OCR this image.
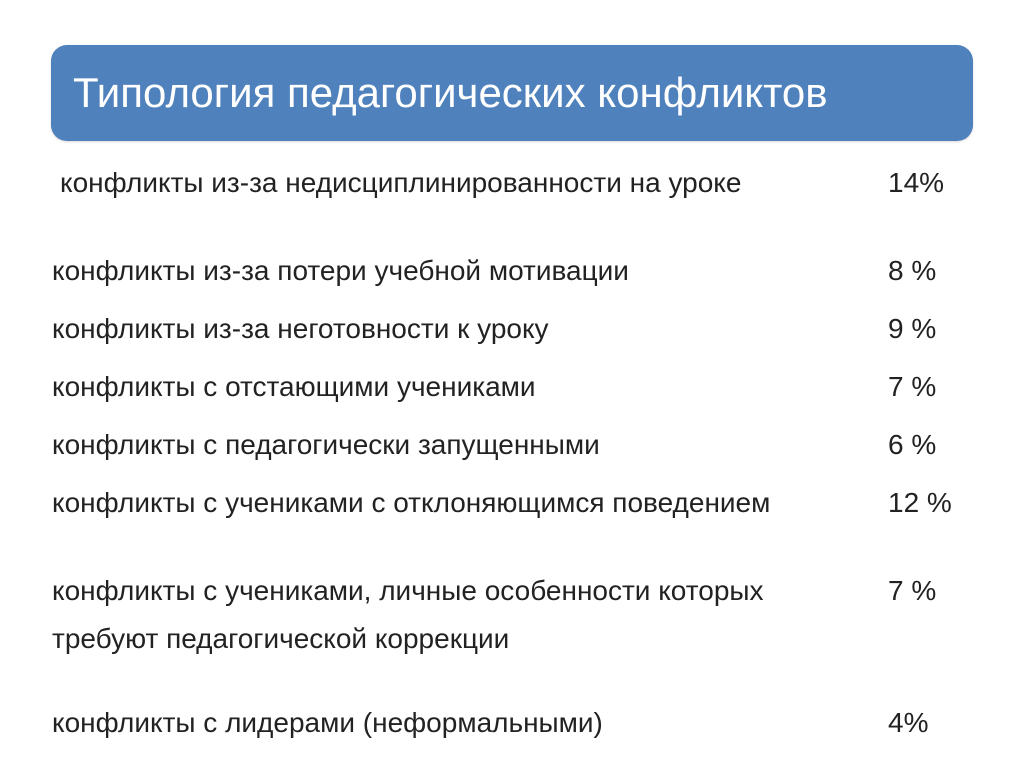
Типология педагогических конфликтов
конфликты из-за недисциплинированности на уроке	14%
конфликты из-за потери учебной мотивации	8 %
конфликты из-за неготовности к уроку	9 %
конфликты с отстающими учениками	7 %
конфликты с педагогически запущенными	6 %
конфликты с учениками с отклоняющимся поведением	12 %
конфликты с учениками, личные особенности которых	7 %
требуют педагогической коррекции
конфликты с лидерами (неформальными)	4%
